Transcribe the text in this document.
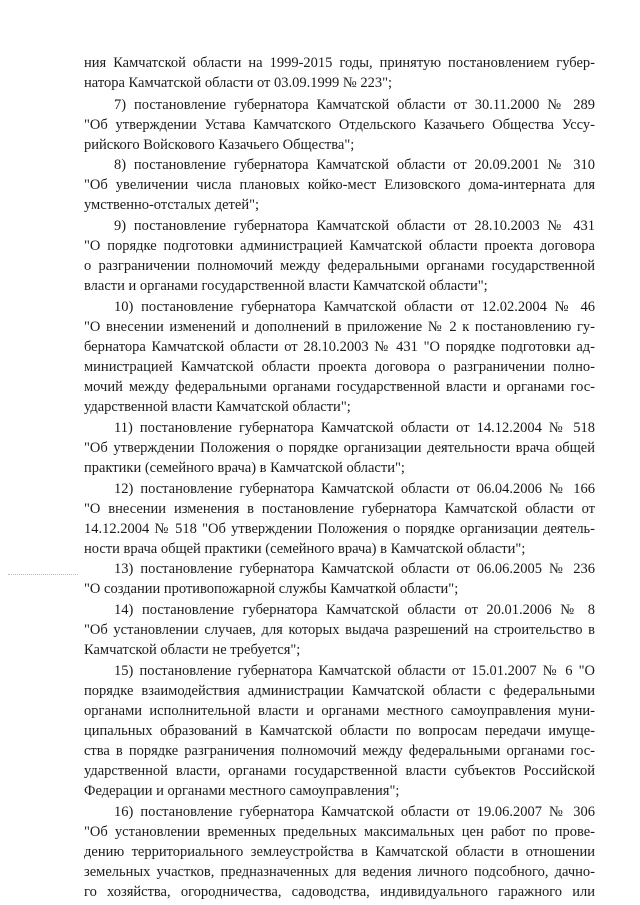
ния Камчатской области на 1999-2015 годы, принятую постановлением губер-
натора Камчатской области от 03.09.1999 № 223";
7) постановление губернатора Камчатской области от 30.11.2000 № 289
"Об утверждении Устава Камчатского Отдельского Казачьего Общества Уссу-
рийского Войскового Казачьего Общества";
8) постановление губернатора Камчатской области от 20.09.2001 № 310
"Об увеличении числа плановых койко-мест Елизовского дома-интерната для
умственно-отсталых детей";
9) постановление губернатора Камчатской области от 28.10.2003 № 431
"О порядке подготовки администрацией Камчатской области проекта договора
о разграничении полномочий между федеральными органами государственной
власти и органами государственной власти Камчатской области";
10) постановление губернатора Камчатской области от 12.02.2004 № 46
"О внесении изменений и дополнений в приложение № 2 к постановлению гу-
бернатора Камчатской области от 28.10.2003 № 431 "О порядке подготовки ад-
министрацией Камчатской области проекта договора о разграничении полно-
мочий между федеральными органами государственной власти и органами гос-
ударственной власти Камчатской области";
11) постановление губернатора Камчатской области от 14.12.2004 № 518
"Об утверждении Положения о порядке организации деятельности врача общей
практики (семейного врача) в Камчатской области";
12) постановление губернатора Камчатской области от 06.04.2006 № 166
"О внесении изменения в постановление губернатора Камчатской области от
14.12.2004 № 518 "Об утверждении Положения о порядке организации деятель-
ности врача общей практики (семейного врача) в Камчатской области";
13) постановление губернатора Камчатской области от 06.06.2005 № 236
"О создании противопожарной службы Камчаткой области";
14) постановление губернатора Камчатской области от 20.01.2006 № 8
"Об установлении случаев, для которых выдача разрешений на строительство в
Камчатской области не требуется";
15) постановление губернатора Камчатской области от 15.01.2007 № 6 "О
порядке взаимодействия администрации Камчатской области с федеральными
органами исполнительной власти и органами местного самоуправления муни-
ципальных образований в Камчатской области по вопросам передачи имуще-
ства в порядке разграничения полномочий между федеральными органами гос-
ударственной власти, органами государственной власти субъектов Российской
Федерации и органами местного самоуправления";
16) постановление губернатора Камчатской области от 19.06.2007 № 306
"Об установлении временных предельных максимальных цен работ по прове-
дению территориального землеустройства в Камчатской области в отношении
земельных участков, предназначенных для ведения личного подсобного, дачно-
го хозяйства, огородничества, садоводства, индивидуального гаражного или
